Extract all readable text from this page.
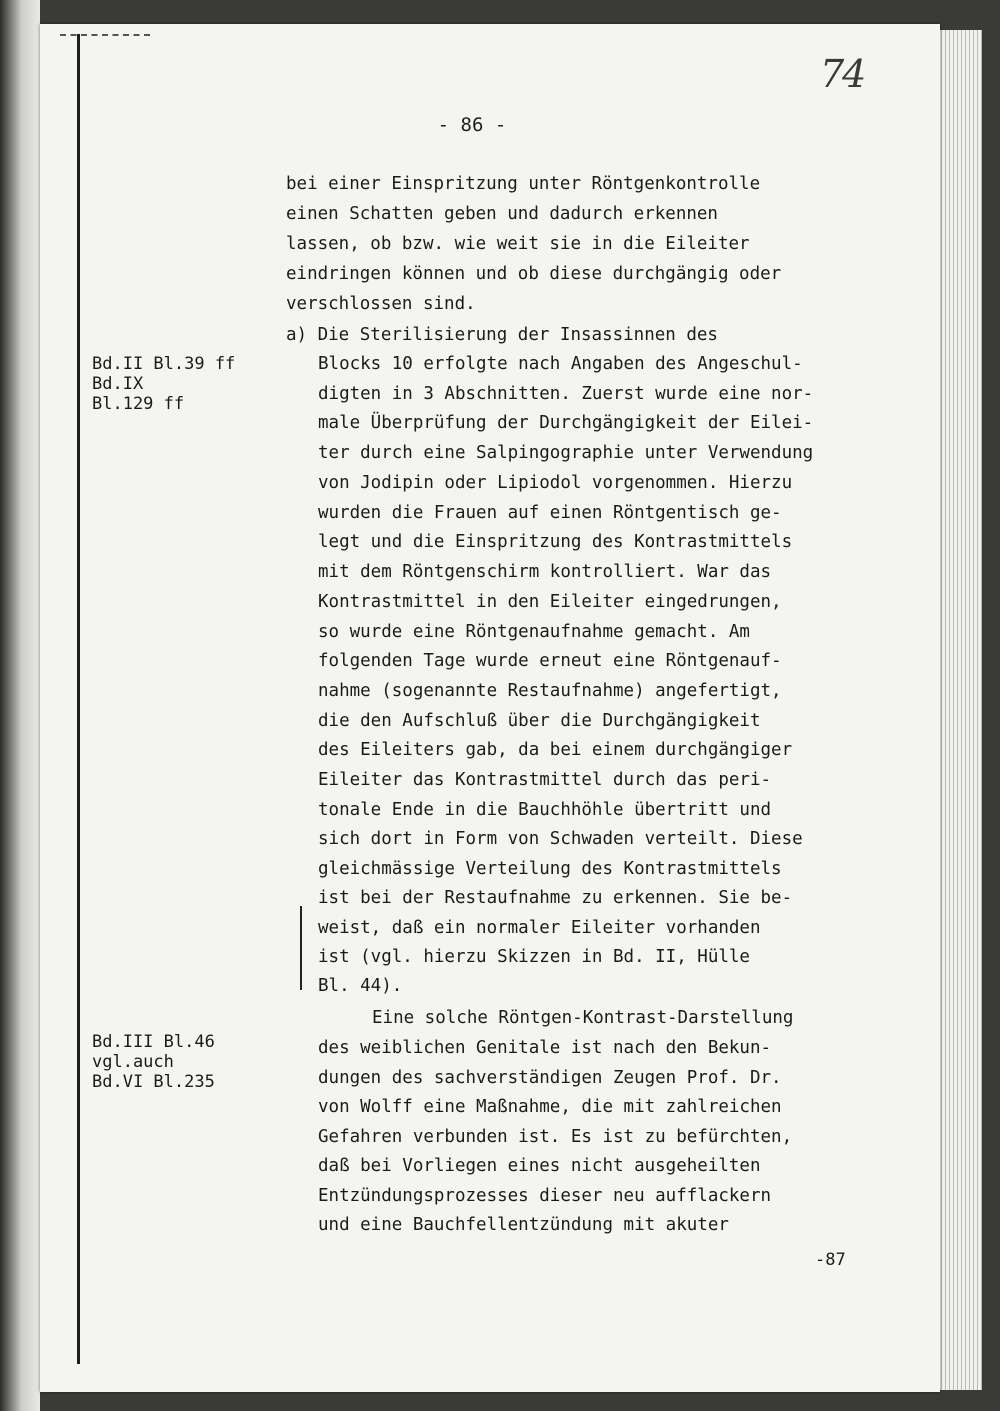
74
- 86 -
bei einer Einspritzung unter Röntgenkontrolle
einen Schatten geben und dadurch erkennen
lassen, ob bzw. wie weit sie in die Eileiter
eindringen können und ob diese durchgängig oder
verschlossen sind.
a) Die Sterilisierung der Insassinnen des
Blocks 10 erfolgte nach Angaben des Angeschul-
digten in 3 Abschnitten. Zuerst wurde eine nor-
male Überprüfung der Durchgängigkeit der Eilei-
ter durch eine Salpingographie unter Verwendung
von Jodipin oder Lipiodol vorgenommen. Hierzu
wurden die Frauen auf einen Röntgentisch ge-
legt und die Einspritzung des Kontrastmittels
mit dem Röntgenschirm kontrolliert. War das
Kontrastmittel in den Eileiter eingedrungen,
so wurde eine Röntgenaufnahme gemacht. Am
folgenden Tage wurde erneut eine Röntgenauf-
nahme (sogenannte Restaufnahme) angefertigt,
die den Aufschluß über die Durchgängigkeit
des Eileiters gab, da bei einem durchgängiger
Eileiter das Kontrastmittel durch das peri-
tonale Ende in die Bauchhöhle übertritt und
sich dort in Form von Schwaden verteilt. Diese
gleichmässige Verteilung des Kontrastmittels
ist bei der Restaufnahme zu erkennen. Sie be-
weist, daß ein normaler Eileiter vorhanden
ist (vgl. hierzu Skizzen in Bd. II, Hülle
Bl. 44).
Eine solche Röntgen-Kontrast-Darstellung
des weiblichen Genitale ist nach den Bekun-
dungen des sachverständigen Zeugen Prof. Dr.
von Wolff eine Maßnahme, die mit zahlreichen
Gefahren verbunden ist. Es ist zu befürchten,
daß bei Vorliegen eines nicht ausgeheilten
Entzündungsprozesses dieser neu aufflackern
und eine Bauchfellentzündung mit akuter
Bd.II Bl.39 ff
Bd.IX
Bl.129 ff
Bd.III Bl.46
vgl.auch
Bd.VI Bl.235
-87
